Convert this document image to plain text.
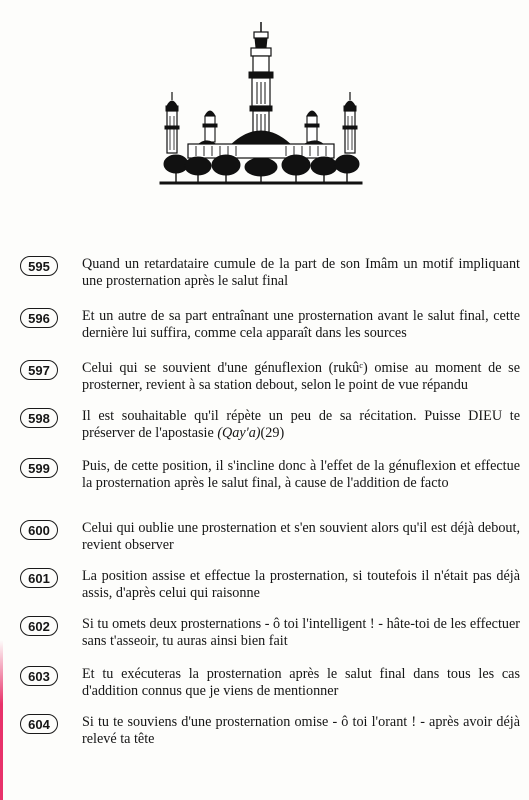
595	Quand un retardataire cumule de la part de son Imâm un motif impliquant une prosternation après le salut final
596	Et un autre de sa part entraînant une prosternation avant le salut final, cette dernière lui suffira, comme cela apparaît dans les sources
597	Celui qui se souvient d'une génuflexion (rukûᶜ) omise au moment de se prosterner, revient à sa station debout, selon le point de vue répandu
598	Il est souhaitable qu'il répète un peu de sa récitation. Puisse DIEU te préserver de l'apostasie (Qay'a)(29)
599	Puis, de cette position, il s'incline donc à l'effet de la génuflexion et effectue la prosternation après le salut final, à cause de l'addition de facto
600	Celui qui oublie une prosternation et s'en souvient alors qu'il est déjà debout, revient observer
601	La position assise et effectue la prosternation, si toutefois il n'était pas déjà assis, d'après celui qui raisonne
602	Si tu omets deux prosternations - ô toi l'intelligent ! - hâte-toi de les effectuer sans t'asseoir, tu auras ainsi bien fait
603	Et tu exécuteras la prosternation après le salut final dans tous les cas d'addition connus que je viens de mentionner
604	Si tu te souviens d'une prosternation omise - ô toi l'orant ! - après avoir déjà relevé ta tête
